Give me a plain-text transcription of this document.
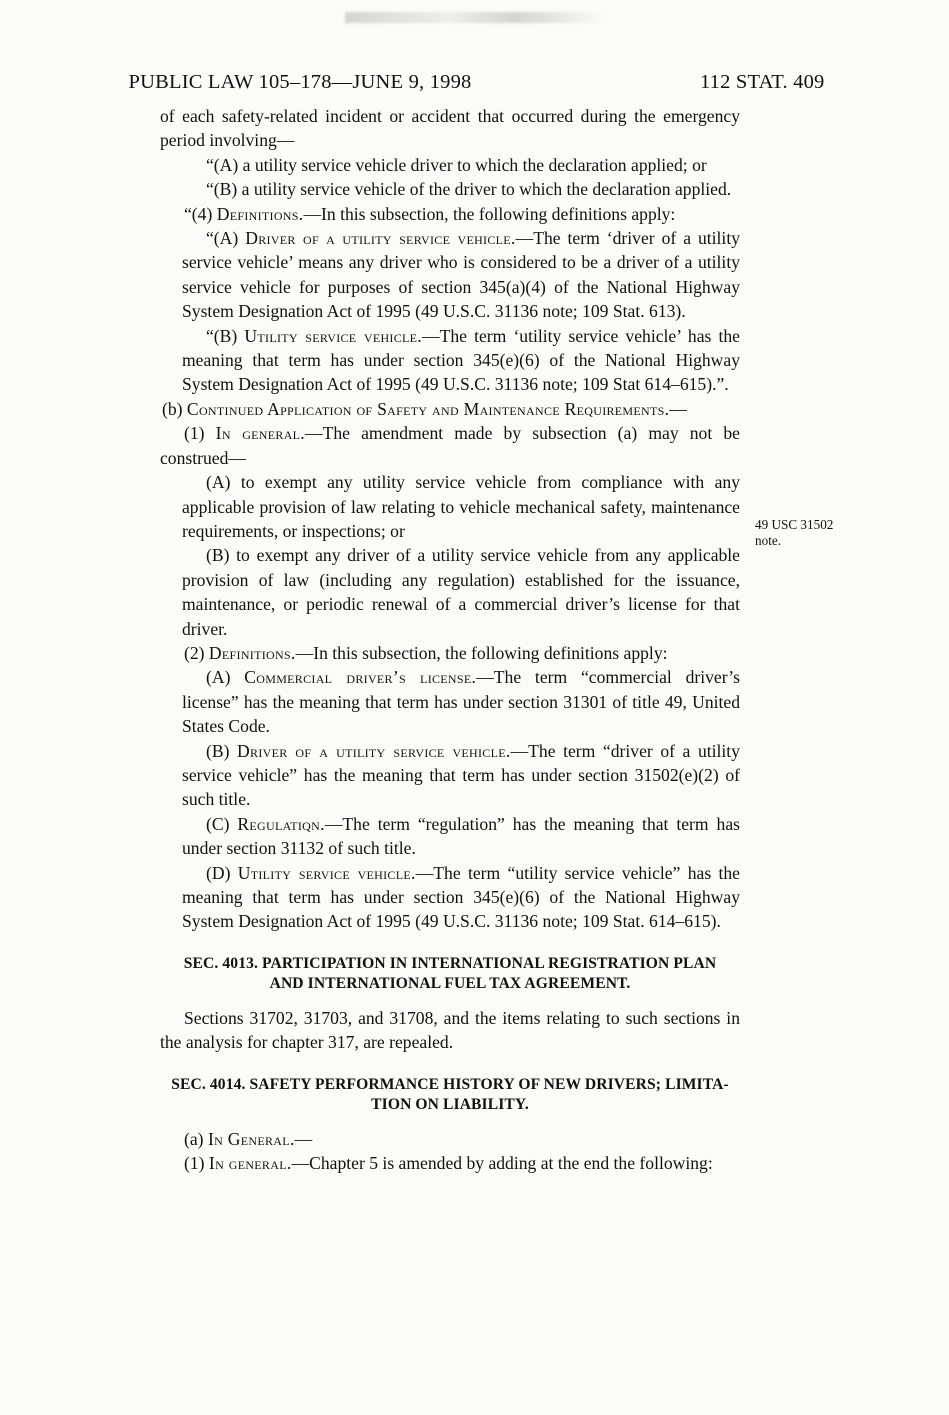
PUBLIC LAW 105–178—JUNE 9, 1998	112 STAT. 409
49 USC 31502
note.

of each safety-related incident or accident that occurred during the emergency period involving—

“(A) a utility service vehicle driver to which the declaration applied; or

“(B) a utility service vehicle of the driver to which the declaration applied.

“(4) Definitions.—In this subsection, the following definitions apply:

“(A) Driver of a utility service vehicle.—The term ‘driver of a utility service vehicle’ means any driver who is considered to be a driver of a utility service vehicle for purposes of section 345(a)(4) of the National Highway System Designation Act of 1995 (49 U.S.C. 31136 note; 109 Stat. 613).

“(B) Utility service vehicle.—The term ‘utility service vehicle’ has the meaning that term has under section 345(e)(6) of the National Highway System Designation Act of 1995 (49 U.S.C. 31136 note; 109 Stat 614–615).”.

(b) Continued Application of Safety and Maintenance Requirements.—

(1) In general.—The amendment made by subsection (a) may not be construed—

(A) to exempt any utility service vehicle from compliance with any applicable provision of law relating to vehicle mechanical safety, maintenance requirements, or inspections; or

(B) to exempt any driver of a utility service vehicle from any applicable provision of law (including any regulation) established for the issuance, maintenance, or periodic renewal of a commercial driver’s license for that driver.

(2) Definitions.—In this subsection, the following definitions apply:

(A) Commercial driver’s license.—The term “commercial driver’s license” has the meaning that term has under section 31301 of title 49, United States Code.

(B) Driver of a utility service vehicle.—The term “driver of a utility service vehicle” has the meaning that term has under section 31502(e)(2) of such title.

(C) Regulatiqn.—The term “regulation” has the meaning that term has under section 31132 of such title.

(D) Utility service vehicle.—The term “utility service vehicle” has the meaning that term has under section 345(e)(6) of the National Highway System Designation Act of 1995 (49 U.S.C. 31136 note; 109 Stat. 614–615).

SEC. 4013. PARTICIPATION IN INTERNATIONAL REGISTRATION PLAN

AND INTERNATIONAL FUEL TAX AGREEMENT.

Sections 31702, 31703, and 31708, and the items relating to such sections in the analysis for chapter 317, are repealed.

SEC. 4014. SAFETY PERFORMANCE HISTORY OF NEW DRIVERS; LIMITA-

TION ON LIABILITY.

(a) In General.—

(1) In general.—Chapter 5 is amended by adding at the end the following:
